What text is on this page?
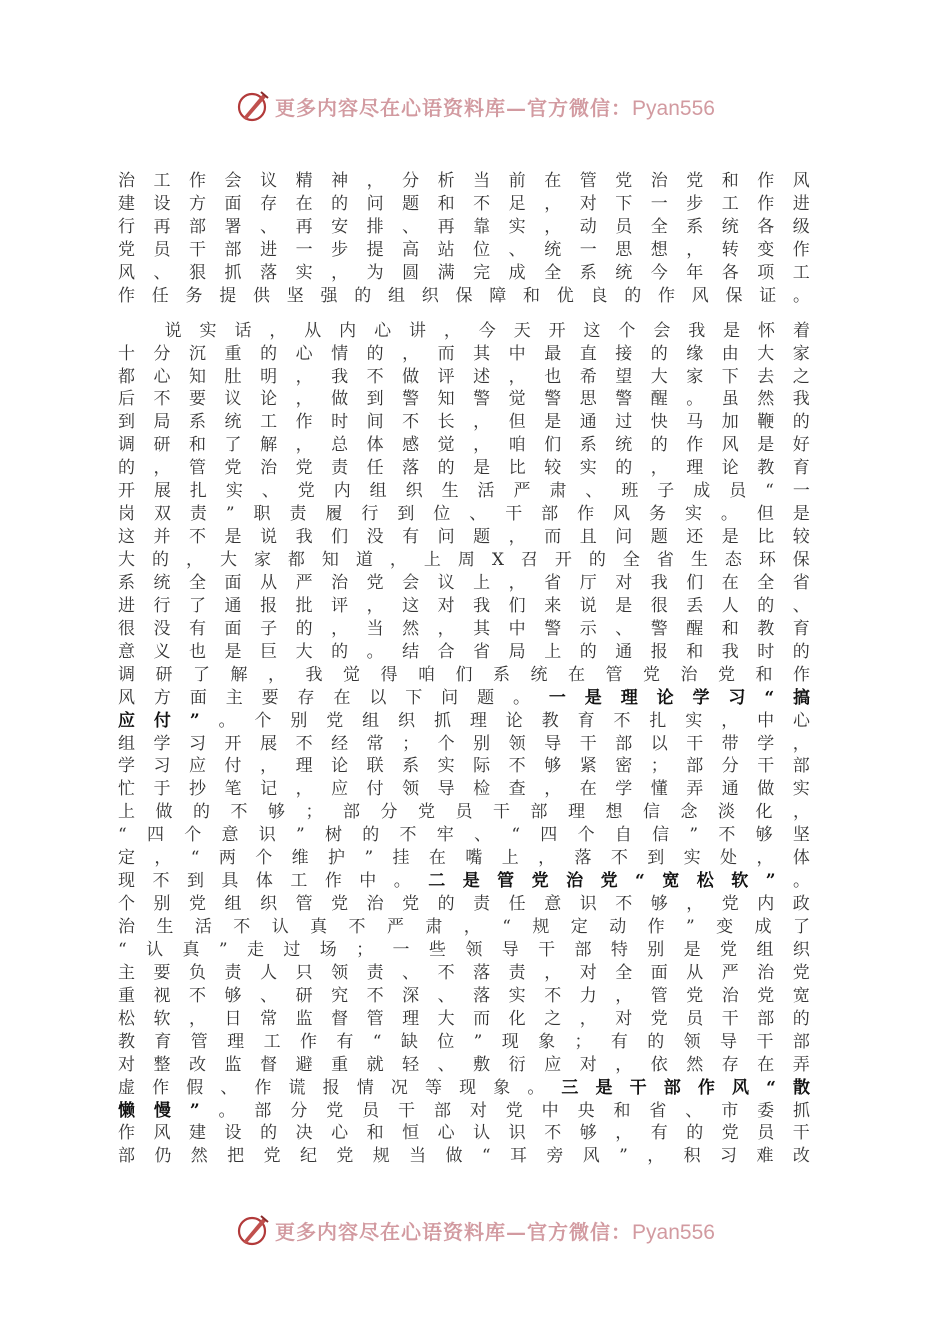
更多内容尽在心语资料库—官方微信：Pyan556
治 工 作 会 议 精 神 ， 分 析 当 前 在 管 党 治 党 和 作 风
建 设 方 面 存 在 的 问 题 和 不 足 ， 对 下 一 步 工 作 进
行 再 部 署 、 再 安 排 、 再 靠 实 ， 动 员 全 系 统 各 级
党 员 干 部 进 一 步 提 高 站 位 、 统 一 思 想 ， 转 变 作
风 、 狠 抓 落 实 ， 为 圆 满 完 成 全 系 统 今 年 各 项 工
作 任 务 提 供 坚 强 的 组 织 保 障 和 优 良 的 作 风 保 证 。

说 实 话 ， 从 内 心 讲 ， 今 天 开 这 个 会 我 是 怀 着
十 分 沉 重 的 心 情 的 ， 而 其 中 最 直 接 的 缘 由 大 家
都 心 知 肚 明 ， 我 不 做 评 述 ， 也 希 望 大 家 下 去 之
后 不 要 议 论 ， 做 到 警 知 警 觉 警 思 警 醒 。 虽 然 我
到 局 系 统 工 作 时 间 不 长 ， 但 是 通 过 快 马 加 鞭 的
调 研 和 了 解 ， 总 体 感 觉 ， 咱 们 系 统 的 作 风 是 好
的 ， 管 党 治 党 责 任 落 的 是 比 较 实 的 ， 理 论 教 育
开 展 扎 实 、 党 内 组 织 生 活 严 肃 、 班 子 成 员 “ 一
岗 双 责 ” 职 责 履 行 到 位 、 干 部 作 风 务 实 。 但 是
这 并 不 是 说 我 们 没 有 问 题 ， 而 且 问 题 还 是 比 较
大 的 ， 大 家 都 知 道 ， 上 周 X 召 开 的 全 省 生 态 环 保
系 统 全 面 从 严 治 党 会 议 上 ， 省 厅 对 我 们 在 全 省
进 行 了 通 报 批 评 ， 这 对 我 们 来 说 是 很 丢 人 的 、
很 没 有 面 子 的 ， 当 然 ， 其 中 警 示 、 警 醒 和 教 育
意 义 也 是 巨 大 的 。 结 合 省 局 上 的 通 报 和 我 时 的
调 研 了 解 ， 我 觉 得 咱 们 系 统 在 管 党 治 党 和 作
风 方 面 主 要 存 在 以 下 问 题 。 一 是 理 论 学 习 “ 搞
应 付 ” 。 个 别 党 组 织 抓 理 论 教 育 不 扎 实 ， 中 心
组 学 习 开 展 不 经 常 ； 个 别 领 导 干 部 以 干 带 学 ，
学 习 应 付 ， 理 论 联 系 实 际 不 够 紧 密 ； 部 分 干 部
忙 于 抄 笔 记 ， 应 付 领 导 检 查 ， 在 学 懂 弄 通 做 实
上 做 的 不 够 ； 部 分 党 员 干 部 理 想 信 念 淡 化 ，
“ 四 个 意 识 ” 树 的 不 牢 、 “ 四 个 自 信 ” 不 够 坚
定 ， “ 两 个 维 护 ” 挂 在 嘴 上 ， 落 不 到 实 处 ， 体
现 不 到 具 体 工 作 中 。 二 是 管 党 治 党 “ 宽 松 软 ” 。
个 别 党 组 织 管 党 治 党 的 责 任 意 识 不 够 ， 党 内 政
治 生 活 不 认 真 不 严 肃 ， “ 规 定 动 作 ” 变 成 了
“ 认 真 ” 走 过 场 ； 一 些 领 导 干 部 特 别 是 党 组 织
主 要 负 责 人 只 领 责 、 不 落 责 ， 对 全 面 从 严 治 党
重 视 不 够 、 研 究 不 深 、 落 实 不 力 ， 管 党 治 党 宽
松 软 ， 日 常 监 督 管 理 大 而 化 之 ， 对 党 员 干 部 的
教 育 管 理 工 作 有 “ 缺 位 ” 现 象 ； 有 的 领 导 干 部
对 整 改 监 督 避 重 就 轻 、 敷 衍 应 对 ， 依 然 存 在 弄
虚 作 假 、 作 谎 报 情 况 等 现 象 。 三 是 干 部 作 风 “ 散
懒 慢 ” 。 部 分 党 员 干 部 对 党 中 央 和 省 、 市 委 抓
作 风 建 设 的 决 心 和 恒 心 认 识 不 够 ， 有 的 党 员 干
部 仍 然 把 党 纪 党 规 当 做 “ 耳 旁 风 ” ， 积 习 难 改
更多内容尽在心语资料库—官方微信：Pyan556
